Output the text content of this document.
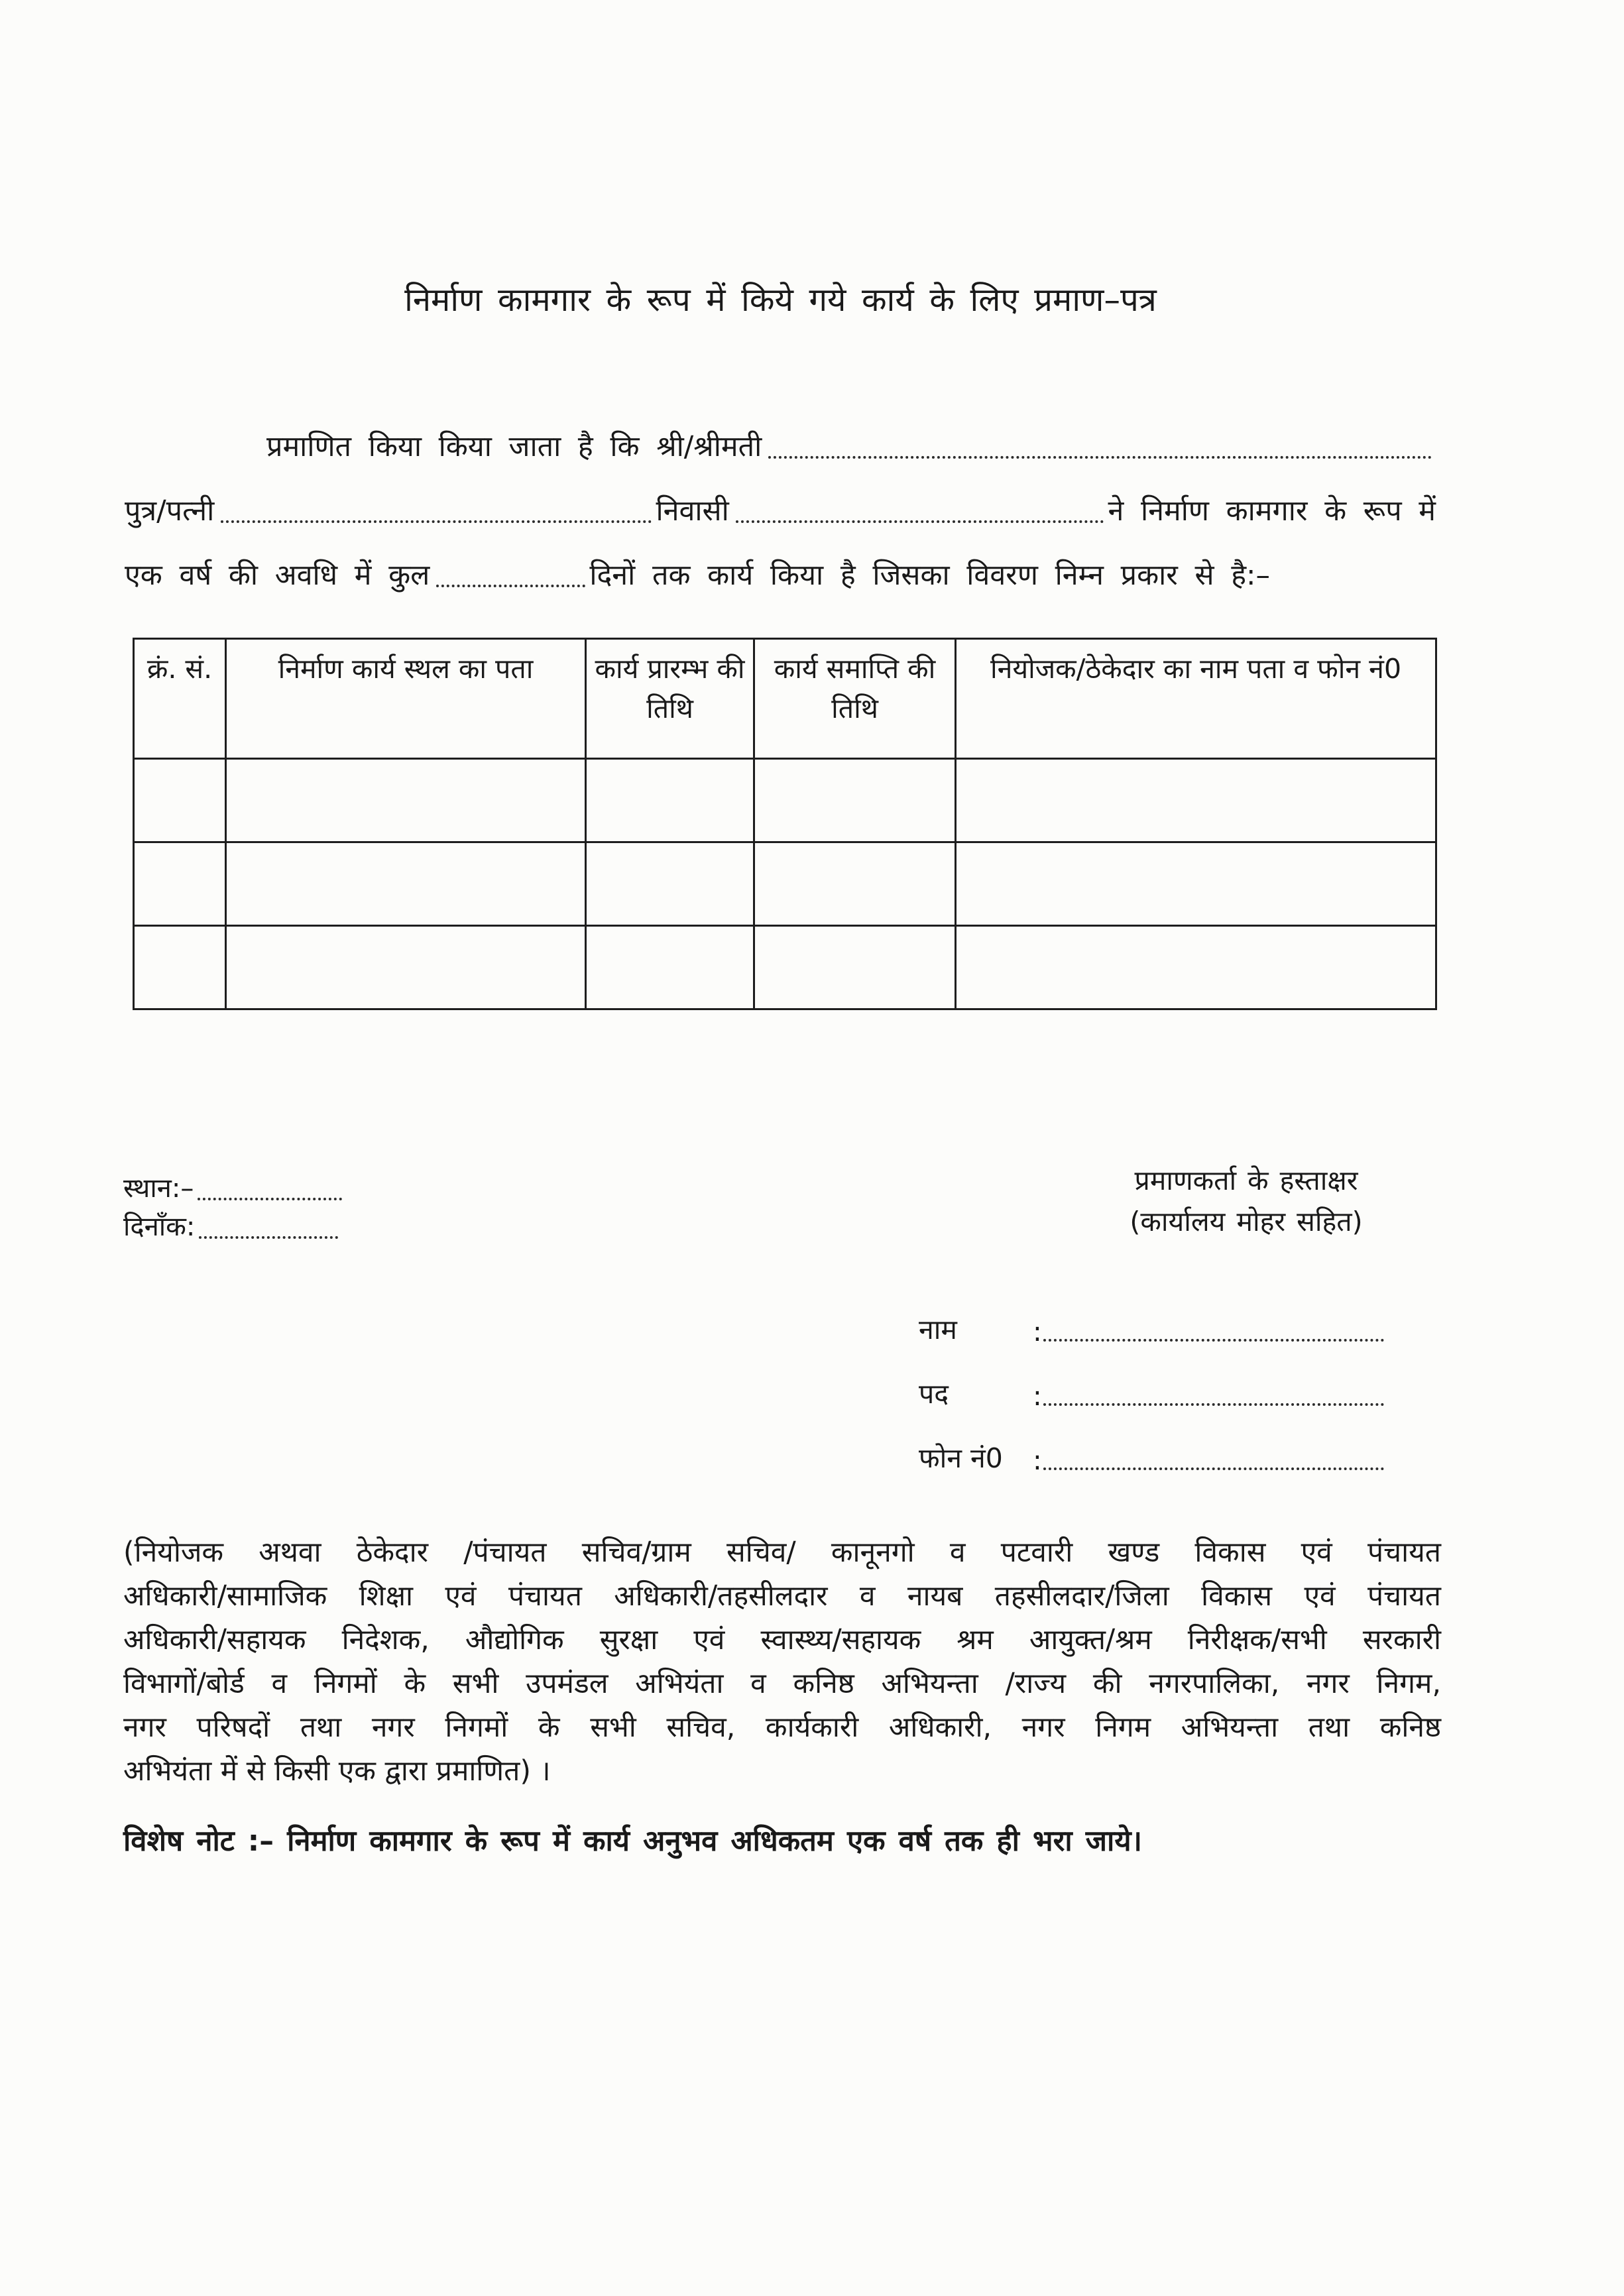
निर्माण कामगार के रूप में किये गये कार्य के लिए प्रमाण–पत्र
प्रमाणित किया किया जाता है कि श्री/श्रीमती
पुत्र/पत्नी	निवासी	ने निर्माण कामगार के रूप में
एक वर्ष की अवधि में कुल	दिनों तक कार्य किया है जिसका विवरण निम्न प्रकार से है:–
क्रं. सं.	निर्माण कार्य स्थल का पता	कार्य प्रारम्भ की तिथि	कार्य समाप्ति की तिथि	नियोजक/ठेकेदार का नाम पता व फोन नं0

स्थान:–
दिनाँक:
प्रमाणकर्ता के हस्ताक्षर
(कार्यालय मोहर सहित)
नाम	:
पद	:
फोन नं0	:
(नियोजक अथवा ठेकेदार /पंचायत सचिव/ग्राम सचिव/ कानूनगो व पटवारी खण्ड विकास एवं पंचायत
अधिकारी/सामाजिक शिक्षा एवं पंचायत अधिकारी/तहसीलदार व नायब तहसीलदार/जिला विकास एवं पंचायत
अधिकारी/सहायक निदेशक, औद्योगिक सुरक्षा एवं स्वास्थ्य/सहायक श्रम आयुक्त/श्रम निरीक्षक/सभी सरकारी
विभागों/बोर्ड व निगमों के सभी उपमंडल अभियंता व कनिष्ठ अभियन्ता /राज्य की नगरपालिका, नगर निगम,
नगर परिषदों तथा नगर निगमों के सभी सचिव, कार्यकारी अधिकारी, नगर निगम अभियन्ता तथा कनिष्ठ
अभियंता में से किसी एक द्वारा प्रमाणित) ।
विशेष नोट :– निर्माण कामगार के रूप में कार्य अनुभव अधिकतम एक वर्ष तक ही भरा जाये।
